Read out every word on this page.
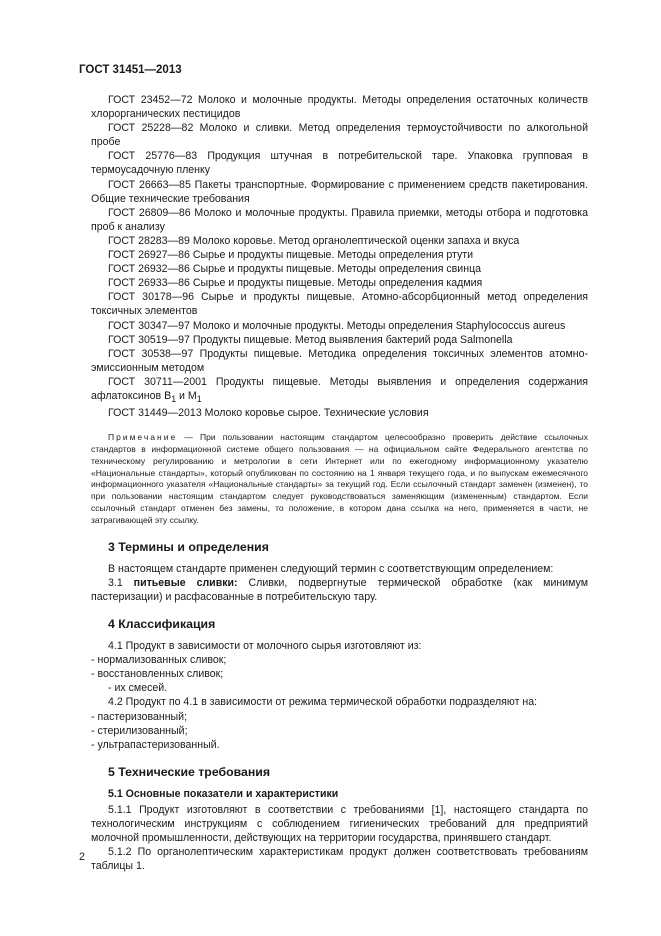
ГОСТ 31451—2013

ГОСТ 23452—72 Молоко и молочные продукты. Методы определения остаточных количеств хлорорганических пестицидов

ГОСТ 25228—82 Молоко и сливки. Метод определения термоустойчивости по алкогольной пробе

ГОСТ 25776—83 Продукция штучная в потребительской таре. Упаковка групповая в термоусадочную пленку

ГОСТ 26663—85 Пакеты транспортные. Формирование с применением средств пакетирования. Общие технические требования

ГОСТ 26809—86 Молоко и молочные продукты. Правила приемки, методы отбора и подготовка проб к анализу

ГОСТ 28283—89 Молоко коровье. Метод органолептической оценки запаха и вкуса

ГОСТ 26927—86 Сырье и продукты пищевые. Методы определения ртути

ГОСТ 26932—86 Сырье и продукты пищевые. Методы определения свинца

ГОСТ 26933—86 Сырье и продукты пищевые. Методы определения кадмия

ГОСТ 30178—96 Сырье и продукты пищевые. Атомно-абсорбционный метод определения токсичных элементов

ГОСТ 30347—97 Молоко и молочные продукты. Методы определения Staphylococcus aureus

ГОСТ 30519—97 Продукты пищевые. Метод выявления бактерий рода Salmonella

ГОСТ 30538—97 Продукты пищевые. Методика определения токсичных элементов атомно-эмиссионным методом

ГОСТ 30711—2001 Продукты пищевые. Методы выявления и определения содержания афлатоксинов $В_1$ и $М_1$

ГОСТ 31449—2013 Молоко коровье сырое. Технические условия

Примечание — При пользовании настоящим стандартом целесообразно проверить действие ссылочных стандартов в информационной системе общего пользования — на официальном сайте Федерального агентства по техническому регулированию и метрологии в сети Интернет или по ежегодному информационному указателю «Национальные стандарты», который опубликован по состоянию на 1 января текущего года, и по выпускам ежемесячного информационного указателя «Национальные стандарты» за текущий год. Если ссылочный стандарт заменен (изменен), то при пользовании настоящим стандартом следует руководствоваться заменяющим (измененным) стандартом. Если ссылочный стандарт отменен без замены, то положение, в котором дана ссылка на него, применяется в части, не затрагивающей эту ссылку.

3 Термины и определения

В настоящем стандарте применен следующий термин с соответствующим определением:

3.1 питьевые сливки: Сливки, подвергнутые термической обработке (как минимум пастеризации) и расфасованные в потребительскую тару.

4 Классификация

4.1 Продукт в зависимости от молочного сырья изготовляют из:

- нормализованных сливок;

- восстановленных сливок;

- их смесей.

4.2 Продукт по 4.1 в зависимости от режима термической обработки подразделяют на:

- пастеризованный;

- стерилизованный;

- ультрапастеризованный.

5 Технические требования
5.1 Основные показатели и характеристики

5.1.1 Продукт изготовляют в соответствии с требованиями [1], настоящего стандарта по технологическим инструкциям с соблюдением гигиенических требований для предприятий молочной промышленности, действующих на территории государства, принявшего стандарт.

5.1.2 По органолептическим характеристикам продукт должен соответствовать требованиям таблицы 1.

2
